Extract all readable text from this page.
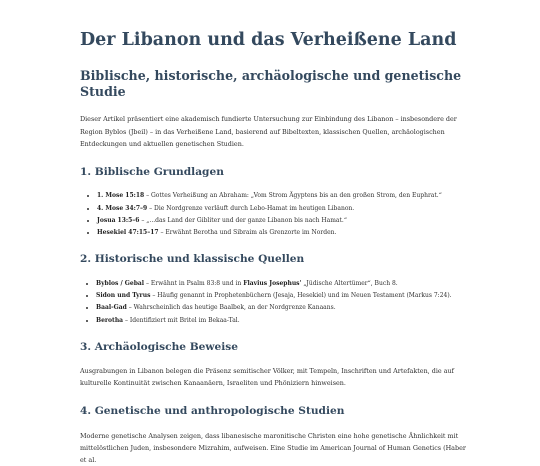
Der Libanon und das Verheißene Land
Biblische, historische, archäologische und genetische Studie

Dieser Artikel präsentiert eine akademisch fundierte Untersuchung zur Einbindung des Libanon – insbesondere der Region Byblos (Jbeil) – in das Verheißene Land, basierend auf Bibeltexten, klassischen Quellen, archäologischen Entdeckungen und aktuellen genetischen Studien.

1. Biblische Grundlagen
• 1. Mose 15:18 – Gottes Verheißung an Abraham: „Vom Strom Ägyptens bis an den großen Strom, den Euphrat.“
• 4. Mose 34:7–9 – Die Nordgrenze verläuft durch Lebo-Hamat im heutigen Libanon.
• Josua 13:5–6 – „...das Land der Gibliter und der ganze Libanon bis nach Hamat.“
• Hesekiel 47:15–17 – Erwähnt Berotha und Sibraim als Grenzorte im Norden.
2. Historische und klassische Quellen
• Byblos / Gebal – Erwähnt in Psalm 83:8 und in Flavius Josephus' „Jüdische Altertümer“, Buch 8.
• Sidon und Tyrus – Häufig genannt in Prophetenbüchern (Jesaja, Hesekiel) und im Neuen Testament (Markus 7:24).
• Baal-Gad – Wahrscheinlich das heutige Baalbek, an der Nordgrenze Kanaans.
• Berotha – Identifiziert mit Britel im Bekaa-Tal.
3. Archäologische Beweise

Ausgrabungen in Libanon belegen die Präsenz semitischer Völker, mit Tempeln, Inschriften und Artefakten, die auf kulturelle Kontinuität zwischen Kanaanäern, Israeliten und Phöniziern hinweisen.

4. Genetische und anthropologische Studien

Moderne genetische Analysen zeigen, dass libanesische maronitische Christen eine hohe genetische Ähnlichkeit mit mittelöstlichen Juden, insbesondere Mizrahim, aufweisen. Eine Studie im American Journal of Human Genetics (Haber et al.
